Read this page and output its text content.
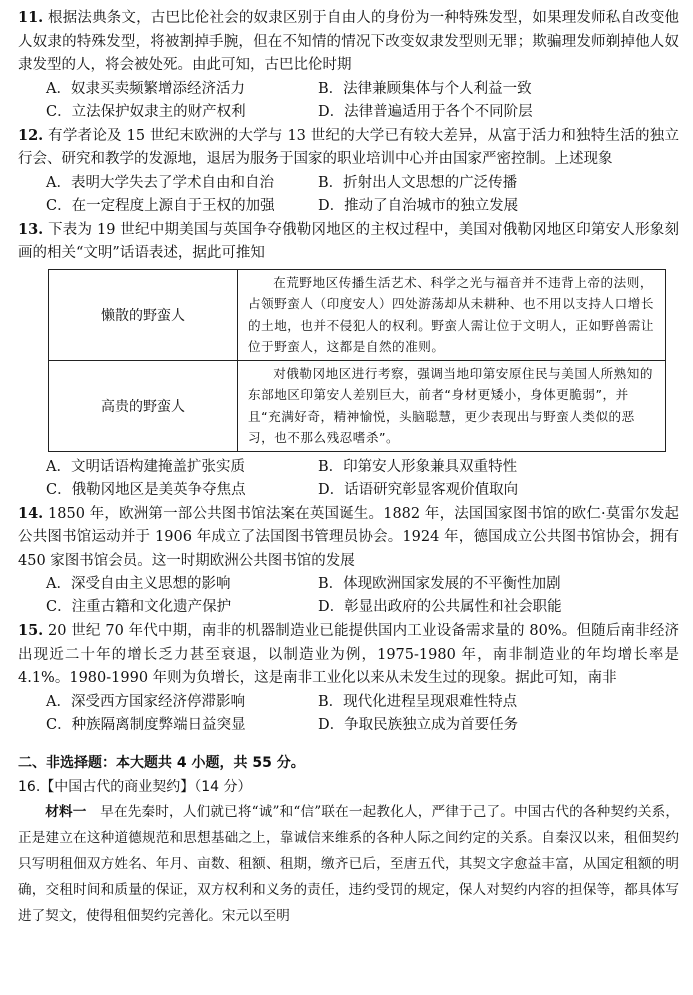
11. 根据法典条文，古巴比伦社会的奴隶区别于自由人的身份为一种特殊发型，如果理发师私自改变他人奴隶的特殊发型，将被割掉手腕，但在不知情的情况下改变奴隶发型则无罪；欺骗理发师剃掉他人奴隶发型的人，将会被处死。由此可知，古巴比伦时期
A．奴隶买卖频繁增添经济活力	B．法律兼顾集体与个人利益一致
C．立法保护奴隶主的财产权利	D．法律普遍适用于各个不同阶层
12. 有学者论及 15 世纪末欧洲的大学与 13 世纪的大学已有较大差异，从富于活力和独特生活的独立行会、研究和教学的发源地，退居为服务于国家的职业培训中心并由国家严密控制。上述现象
A．表明大学失去了学术自由和自治	B．折射出人文思想的广泛传播
C．在一定程度上源自于王权的加强	D．推动了自治城市的独立发展
13. 下表为 19 世纪中期美国与英国争夺俄勒冈地区的主权过程中，美国对俄勒冈地区印第安人形象刻画的相关“文明”话语表述，据此可推知
懒散的野蛮人	在荒野地区传播生活艺术、科学之光与福音并不违背上帝的法则，占领野蛮人（印度安人）四处游荡却从未耕种、也不用以支持人口增长的土地，也并不侵犯人的权利。野蛮人需让位于文明人，正如野兽需让位于野蛮人，这都是自然的准则。
高贵的野蛮人	对俄勒冈地区进行考察，强调当地印第安原住民与美国人所熟知的东部地区印第安人差别巨大，前者“身材更矮小，身体更脆弱”，并且“充满好奇，精神愉悦，头脑聪慧，更少表现出与野蛮人类似的恶习，也不那么残忍嗜杀”。
A．文明话语构建掩盖扩张实质	B．印第安人形象兼具双重特性
C．俄勒冈地区是美英争夺焦点	D．话语研究彰显客观价值取向
14. 1850 年，欧洲第一部公共图书馆法案在英国诞生。1882 年，法国国家图书馆的欧仁·莫雷尔发起公共图书馆运动并于 1906 年成立了法国图书管理员协会。1924 年，德国成立公共图书馆协会，拥有 450 家图书馆会员。这一时期欧洲公共图书馆的发展
A．深受自由主义思想的影响	B．体现欧洲国家发展的不平衡性加剧
C．注重古籍和文化遗产保护	D．彰显出政府的公共属性和社会职能
15. 20 世纪 70 年代中期，南非的机器制造业已能提供国内工业设备需求量的 80%。但随后南非经济出现近二十年的增长乏力甚至衰退，以制造业为例，1975-1980 年，南非制造业的年均增长率是 4.1%。1980-1990 年则为负增长，这是南非工业化以来从未发生过的现象。据此可知，南非
A．深受西方国家经济停滞影响	B．现代化进程呈现艰难性特点
C．种族隔离制度弊端日益突显	D．争取民族独立成为首要任务
二、非选择题：本大题共 4 小题，共 55 分。
16.【中国古代的商业契约】（14 分）
材料一　 早在先秦时，人们就已将“诚”和“信”联在一起教化人，严律于己了。中国古代的各种契约关系，正是建立在这种道德规范和思想基础之上，靠诚信来维系的各种人际之间约定的关系。自秦汉以来，租佃契约只写明租佃双方姓名、年月、亩数、租额、租期，缴齐已后，至唐五代，其契文字愈益丰富，从国定租额的明确，交租时间和质量的保证，双方权利和义务的责任，违约受罚的规定，保人对契约内容的担保等，都具体写进了契文，使得租佃契约完善化。宋元以至明
